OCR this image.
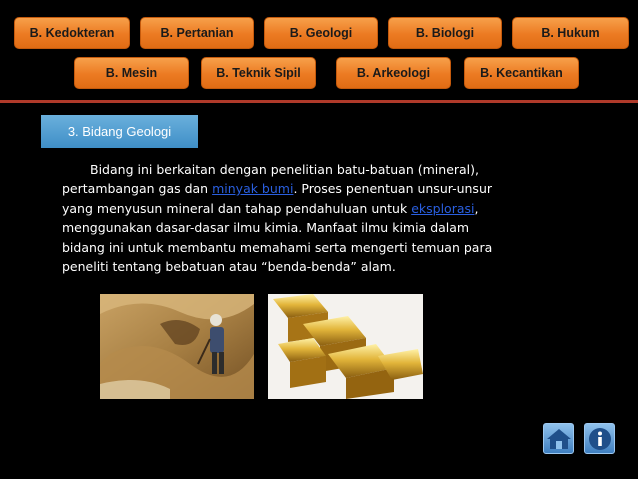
B. Kedokteran	B. Pertanian	B. Geologi	B. Biologi	B. Hukum
B. Mesin	B. Teknik Sipil	B. Arkeologi	B. Kecantikan
3. Bidang Geologi

Bidang ini berkaitan dengan penelitian batu-batuan (mineral), pertambangan gas dan minyak bumi. Proses penentuan unsur-unsur yang menyusun mineral dan tahap pendahuluan untuk eksplorasi, menggunakan dasar-dasar ilmu kimia. Manfaat ilmu kimia dalam bidang ini untuk membantu memahami serta mengerti temuan para peneliti tentang bebatuan atau “benda-benda” alam.
